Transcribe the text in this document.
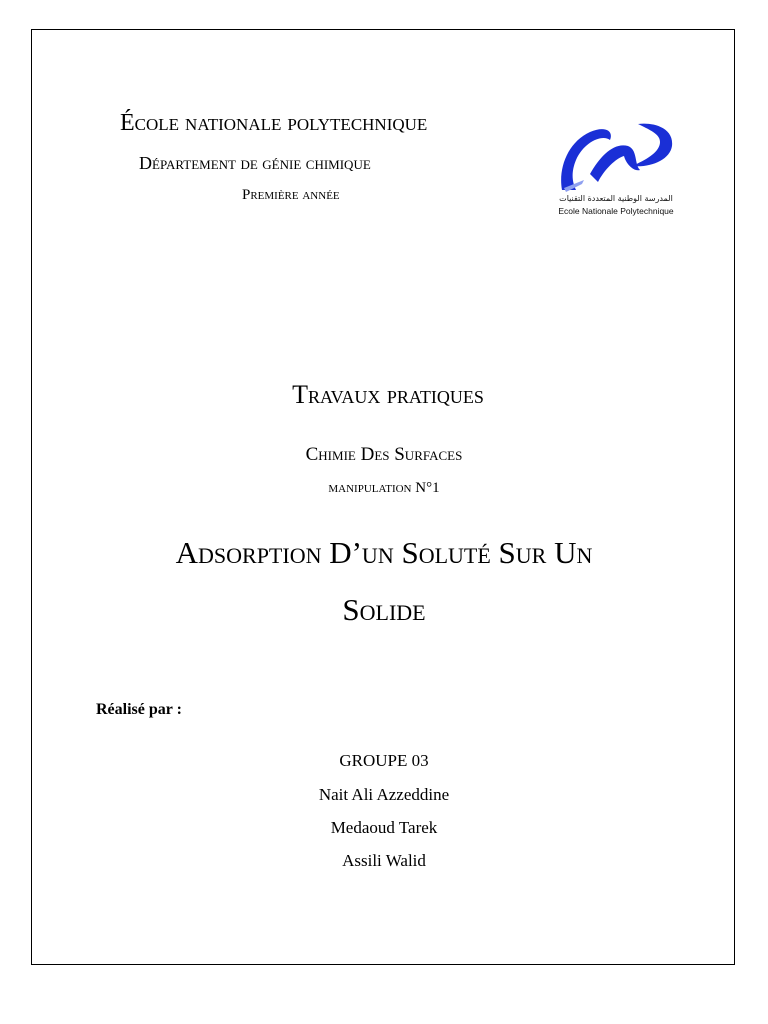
École nationale polytechnique
Département de génie chimique
Première année	المدرسة الوطنية المتعددة التقنيات
Ecole Nationale Polytechnique
Travaux pratiques
Chimie Des Surfaces
manipulation N°1
Adsorption D’un Soluté Sur Un
Solide
Réalisé par :
GROUPE 03
Nait Ali Azzeddine
Medaoud Tarek
Assili Walid
